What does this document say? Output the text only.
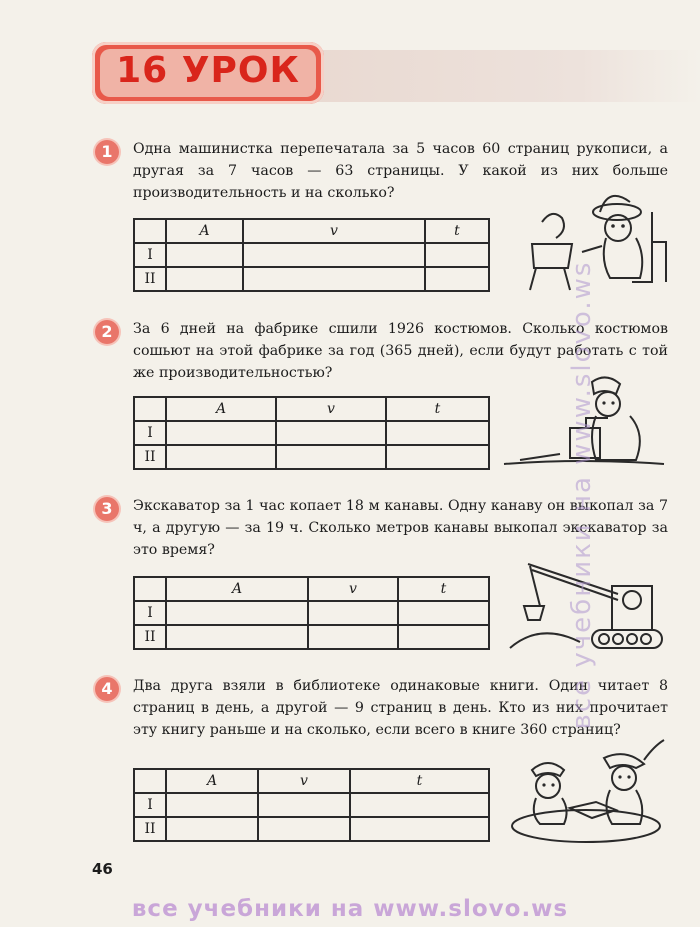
16 УРОК
1	Одна машинистка перепечатала за 5 часов 60 страниц рукописи, а другая за 7 часов — 63 страницы. У какой из них больше производительность и на сколько?
	A	v	t
I			
II			
2	За 6 дней на фабрике сшили 1926 костюмов. Сколько костюмов сошьют на этой фабрике за год (365 дней), если будут работать с той же производительностью?
	A	v	t
I			
II			
3	Экскаватор за 1 час копает 18 м канавы. Одну канаву он выкопал за 7 ч, а другую — за 19 ч. Сколько метров канавы выкопал экскаватор за это время?
	A	v	t
I			
II			
4	Два друга взяли в библиотеке одинаковые книги. Один читает 8 страниц в день, а другой — 9 страниц в день. Кто из них прочитает эту книгу раньше и на сколько, если всего в книге 360 страниц?
	A	v	t
I			
II			
46
все учебники на www.slovo.ws
все учебники на www.slovo.ws
